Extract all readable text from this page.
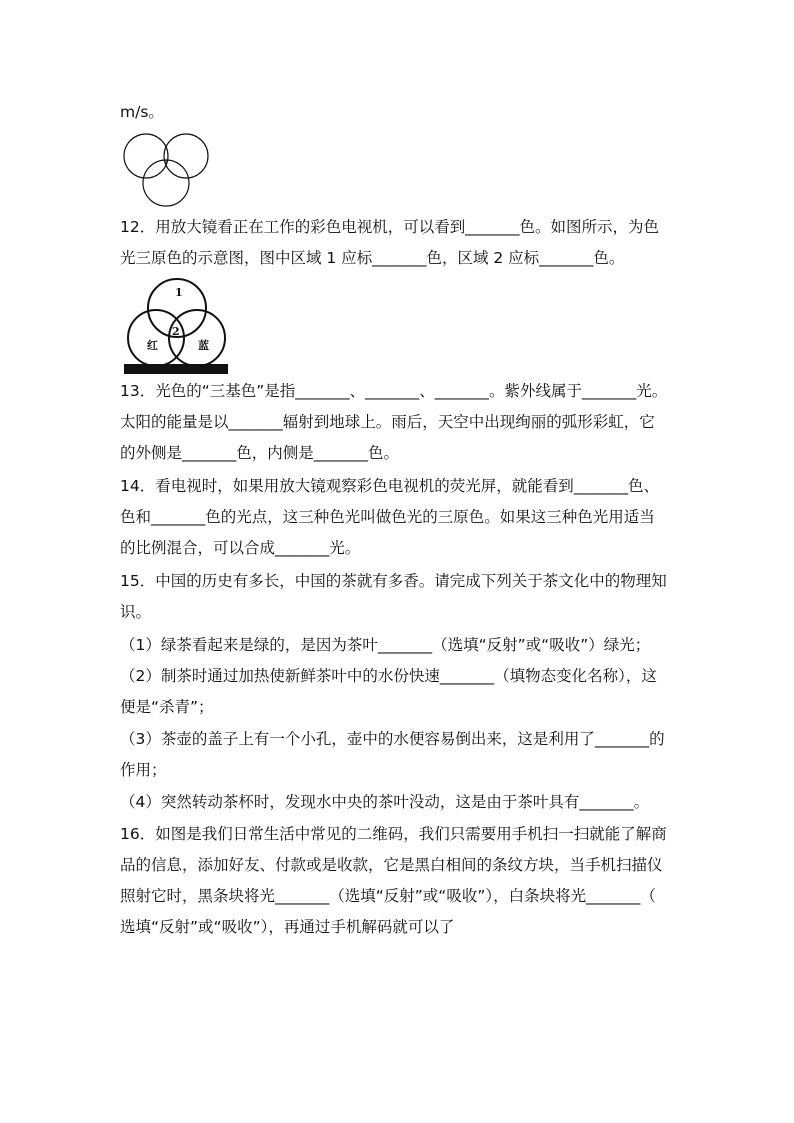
m/s。
12．用放大镜看正在工作的彩色电视机，可以看到_______色。如图所示，为色
光三原色的示意图，图中区域 1 应标_______色，区域 2 应标_______色。
1
2
红	蓝
13．光色的“三基色”是指_______、_______、_______。紫外线属于_______光。
太阳的能量是以_______辐射到地球上。雨后，天空中出现绚丽的弧形彩虹，它
的外侧是_______色，内侧是_______色。
14．看电视时，如果用放大镜观察彩色电视机的荧光屏，就能看到_______色、
色和_______色的光点，这三种色光叫做色光的三原色。如果这三种色光用适当
的比例混合，可以合成_______光。
15．中国的历史有多长，中国的茶就有多香。请完成下列关于茶文化中的物理知
识。
（1）绿茶看起来是绿的，是因为茶叶_______（选填“反射”或“吸收”）绿光；
（2）制茶时通过加热使新鲜茶叶中的水份快速_______（填物态变化名称），这
便是“杀青”；
（3）茶壶的盖子上有一个小孔，壶中的水便容易倒出来，这是利用了_______的
作用；
（4）突然转动茶杯时，发现水中央的茶叶没动，这是由于茶叶具有_______。
16．如图是我们日常生活中常见的二维码，我们只需要用手机扫一扫就能了解商
品的信息，添加好友、付款或是收款，它是黑白相间的条纹方块，当手机扫描仪
照射它时，黑条块将光_______（选填“反射”或“吸收”），白条块将光_______（
选填“反射”或“吸收”），再通过手机解码就可以了
